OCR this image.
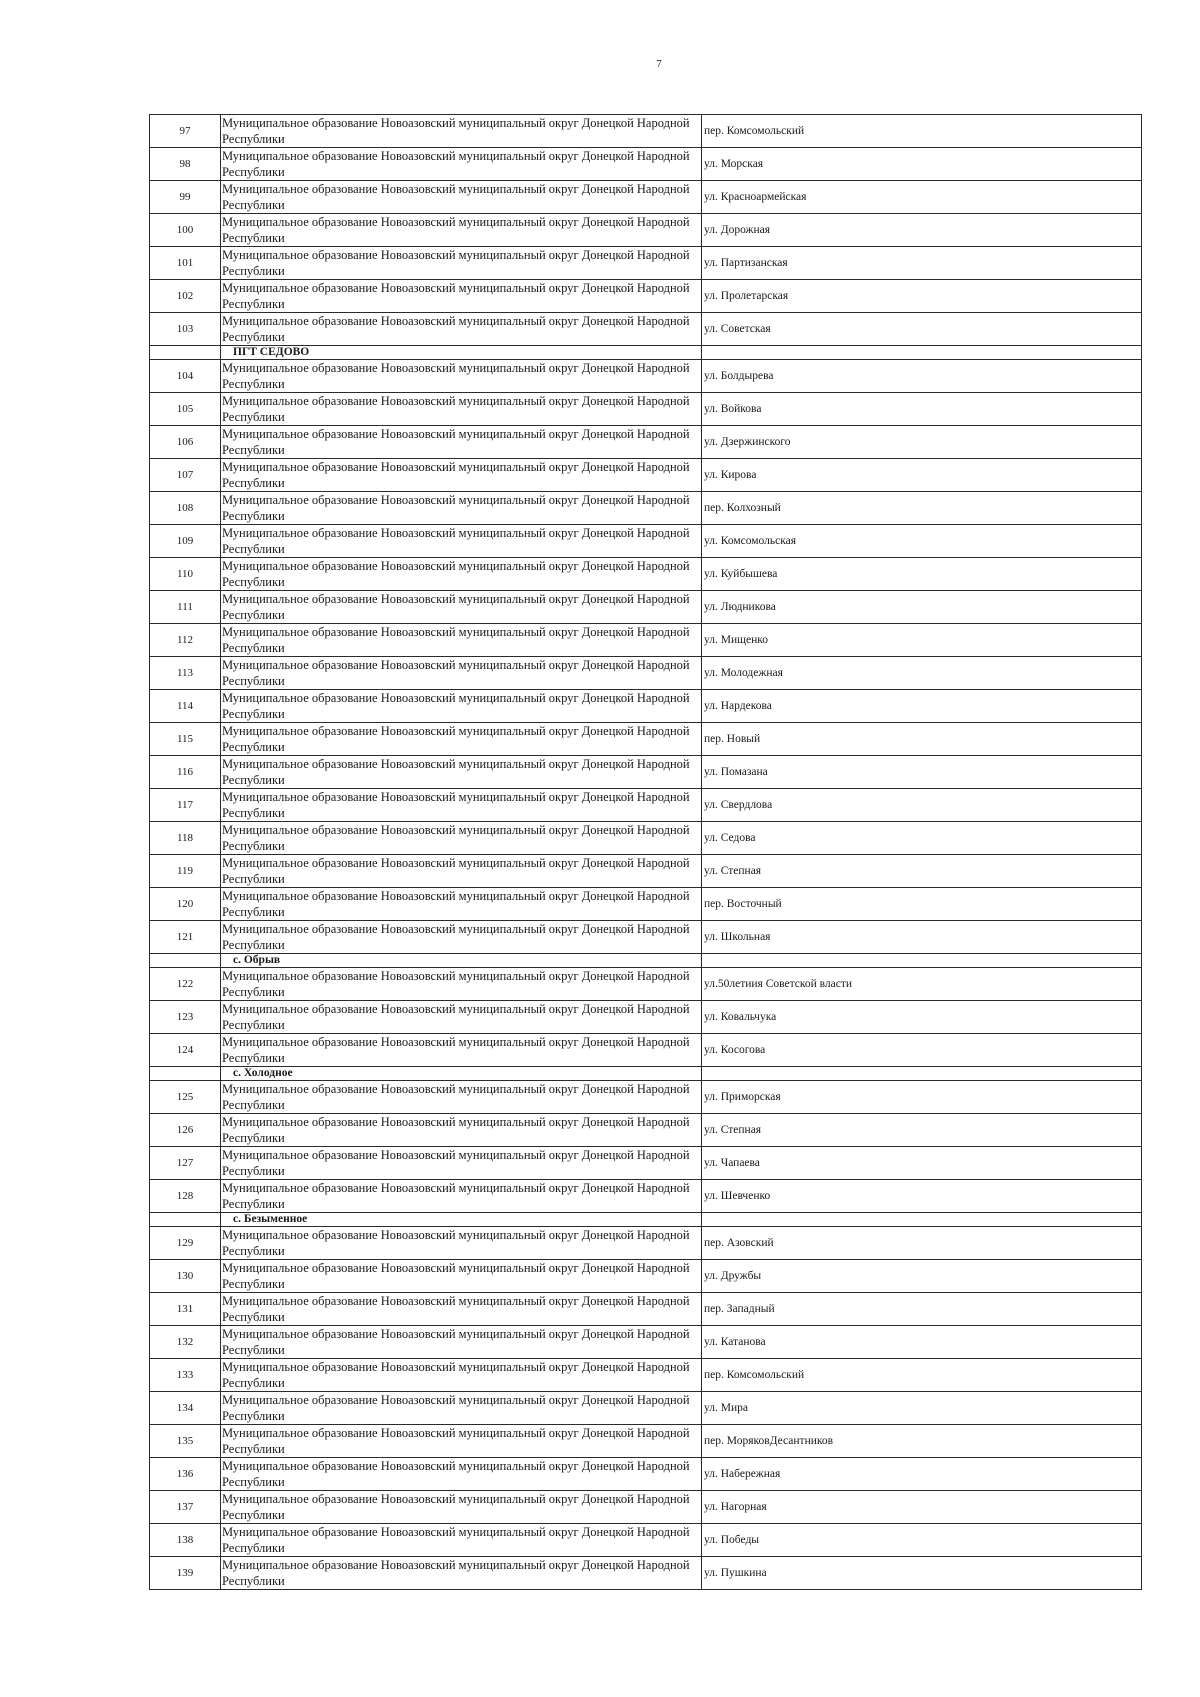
7
97	Муниципальное образование Новоазовский муниципальный округ Донецкой Народной Республики	пер. Комсомольский
98	Муниципальное образование Новоазовский муниципальный округ Донецкой Народной Республики	ул. Морская
99	Муниципальное образование Новоазовский муниципальный округ Донецкой Народной Республики	ул. Красноармейская
100	Муниципальное образование Новоазовский муниципальный округ Донецкой Народной Республики	ул. Дорожная
101	Муниципальное образование Новоазовский муниципальный округ Донецкой Народной Республики	ул. Партизанская
102	Муниципальное образование Новоазовский муниципальный округ Донецкой Народной Республики	ул. Пролетарская
103	Муниципальное образование Новоазовский муниципальный округ Донецкой Народной Республики	ул. Советская
	ПГТ СЕДОВО	
104	Муниципальное образование Новоазовский муниципальный округ Донецкой Народной Республики	ул. Болдырева
105	Муниципальное образование Новоазовский муниципальный округ Донецкой Народной Республики	ул. Войкова
106	Муниципальное образование Новоазовский муниципальный округ Донецкой Народной Республики	ул. Дзержинского
107	Муниципальное образование Новоазовский муниципальный округ Донецкой Народной Республики	ул. Кирова
108	Муниципальное образование Новоазовский муниципальный округ Донецкой Народной Республики	пер. Колхозный
109	Муниципальное образование Новоазовский муниципальный округ Донецкой Народной Республики	ул. Комсомольская
110	Муниципальное образование Новоазовский муниципальный округ Донецкой Народной Республики	ул. Куйбышева
111	Муниципальное образование Новоазовский муниципальный округ Донецкой Народной Республики	ул. Людникова
112	Муниципальное образование Новоазовский муниципальный округ Донецкой Народной Республики	ул. Мищенко
113	Муниципальное образование Новоазовский муниципальный округ Донецкой Народной Республики	ул. Молодежная
114	Муниципальное образование Новоазовский муниципальный округ Донецкой Народной Республики	ул. Нардекова
115	Муниципальное образование Новоазовский муниципальный округ Донецкой Народной Республики	пер. Новый
116	Муниципальное образование Новоазовский муниципальный округ Донецкой Народной Республики	ул. Помазана
117	Муниципальное образование Новоазовский муниципальный округ Донецкой Народной Республики	ул. Свердлова
118	Муниципальное образование Новоазовский муниципальный округ Донецкой Народной Республики	ул. Седова
119	Муниципальное образование Новоазовский муниципальный округ Донецкой Народной Республики	ул. Степная
120	Муниципальное образование Новоазовский муниципальный округ Донецкой Народной Республики	пер. Восточный
121	Муниципальное образование Новоазовский муниципальный округ Донецкой Народной Республики	ул. Школьная
	с. Обрыв	
122	Муниципальное образование Новоазовский муниципальный округ Донецкой Народной Республики	ул.50летиия Советской власти
123	Муниципальное образование Новоазовский муниципальный округ Донецкой Народной Республики	ул. Ковальчука
124	Муниципальное образование Новоазовский муниципальный округ Донецкой Народной Республики	ул. Косогова
	с. Холодное	
125	Муниципальное образование Новоазовский муниципальный округ Донецкой Народной Республики	ул. Приморская
126	Муниципальное образование Новоазовский муниципальный округ Донецкой Народной Республики	ул. Степная
127	Муниципальное образование Новоазовский муниципальный округ Донецкой Народной Республики	ул. Чапаева
128	Муниципальное образование Новоазовский муниципальный округ Донецкой Народной Республики	ул. Шевченко
	с. Безыменное	
129	Муниципальное образование Новоазовский муниципальный округ Донецкой Народной Республики	пер. Азовский
130	Муниципальное образование Новоазовский муниципальный округ Донецкой Народной Республики	ул. Дружбы
131	Муниципальное образование Новоазовский муниципальный округ Донецкой Народной Республики	пер. Западный
132	Муниципальное образование Новоазовский муниципальный округ Донецкой Народной Республики	ул. Катанова
133	Муниципальное образование Новоазовский муниципальный округ Донецкой Народной Республики	пер. Комсомольский
134	Муниципальное образование Новоазовский муниципальный округ Донецкой Народной Республики	ул. Мира
135	Муниципальное образование Новоазовский муниципальный округ Донецкой Народной Республики	пер. МоряковДесантников
136	Муниципальное образование Новоазовский муниципальный округ Донецкой Народной Республики	ул. Набережная
137	Муниципальное образование Новоазовский муниципальный округ Донецкой Народной Республики	ул. Нагорная
138	Муниципальное образование Новоазовский муниципальный округ Донецкой Народной Республики	ул. Победы
139	Муниципальное образование Новоазовский муниципальный округ Донецкой Народной Республики	ул. Пушкина
